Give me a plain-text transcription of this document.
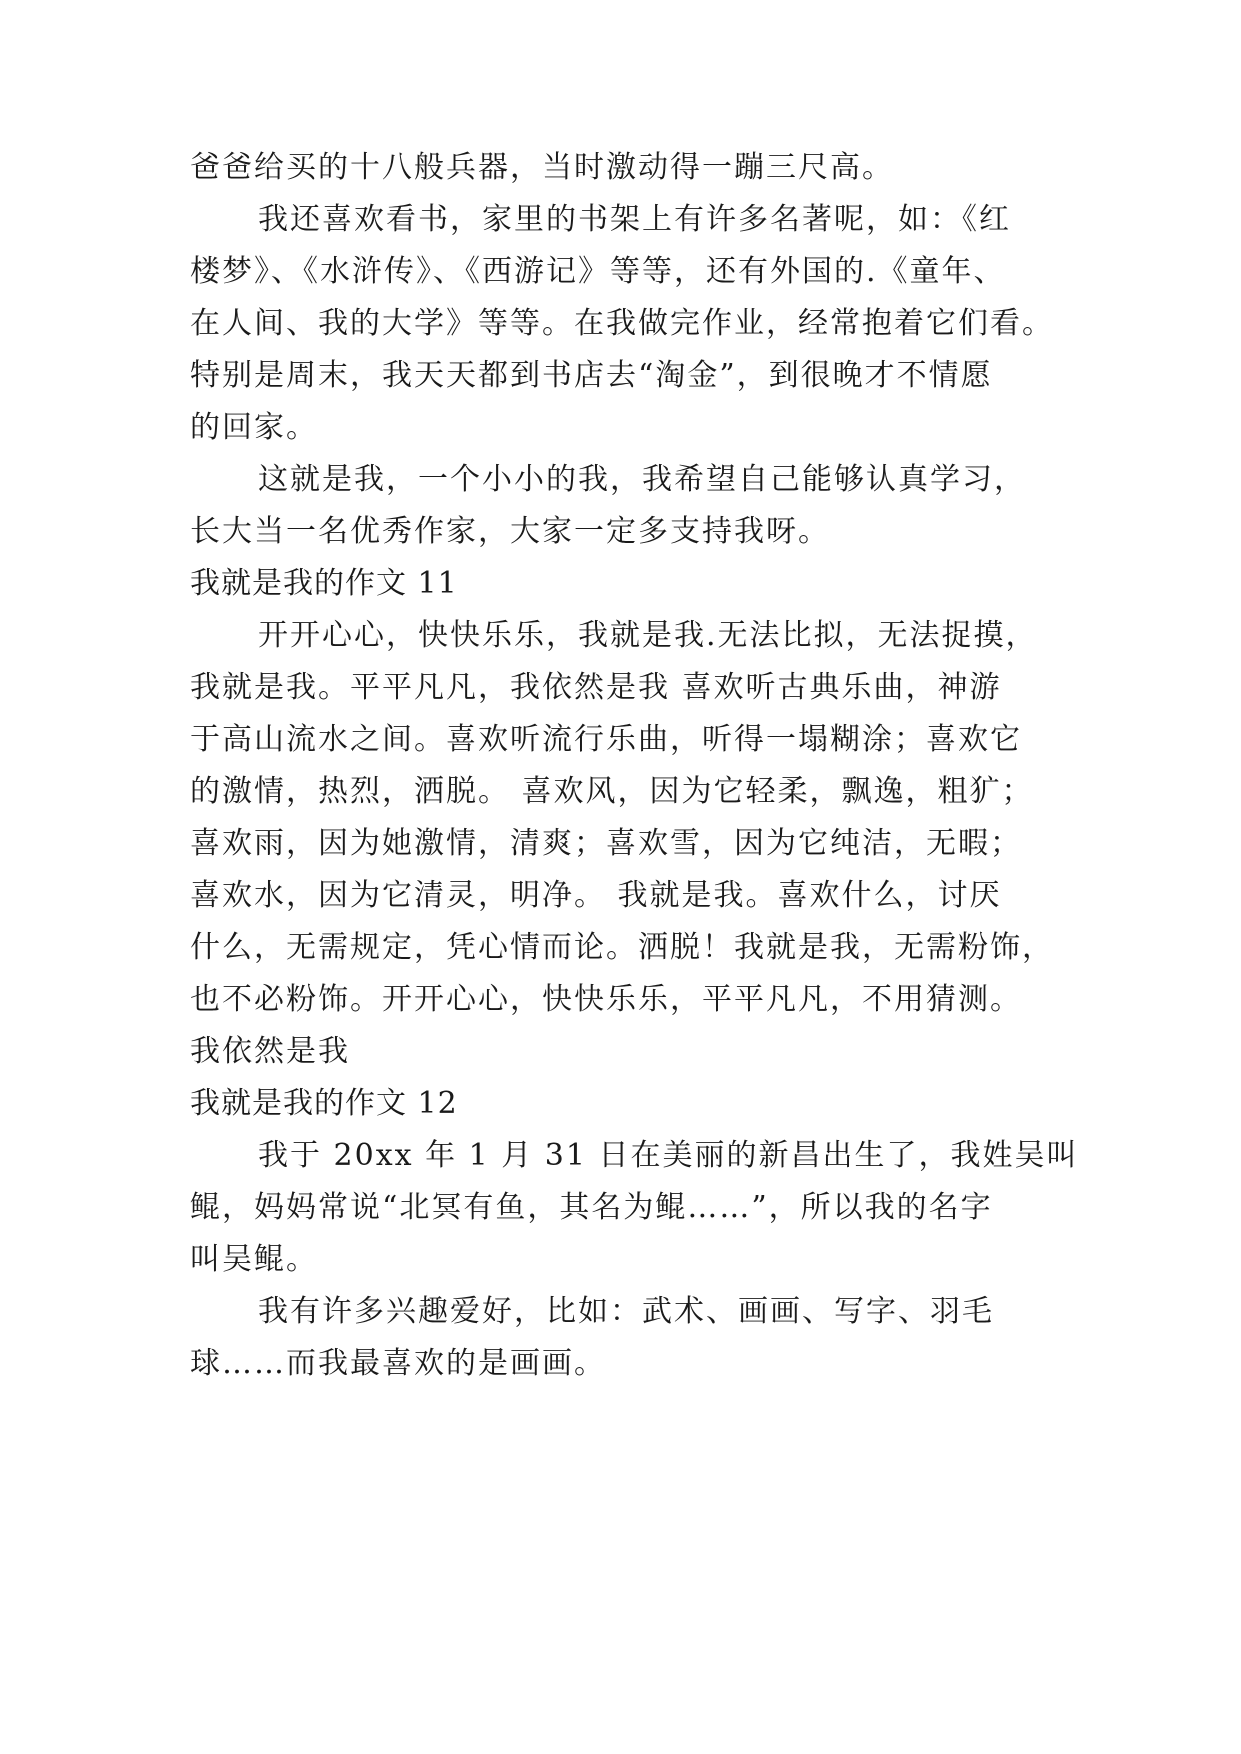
爸爸给买的十八般兵器，当时激动得一蹦三尺高。
我还喜欢看书，家里的书架上有许多名著呢，如：《红
楼梦》、《水浒传》、《西游记》等等，还有外国的.《童年、
在人间、我的大学》等等。在我做完作业，经常抱着它们看。
特别是周末，我天天都到书店去“淘金”，到很晚才不情愿
的回家。
这就是我，一个小小的我，我希望自己能够认真学习，
长大当一名优秀作家，大家一定多支持我呀。
我就是我的作文 11
开开心心，快快乐乐，我就是我.无法比拟，无法捉摸，
我就是我。平平凡凡，我依然是我 喜欢听古典乐曲，神游
于高山流水之间。喜欢听流行乐曲，听得一塌糊涂；喜欢它
的激情，热烈，洒脱。 喜欢风，因为它轻柔，飘逸，粗犷；
喜欢雨，因为她激情，清爽；喜欢雪，因为它纯洁，无暇；
喜欢水，因为它清灵，明净。 我就是我。喜欢什么，讨厌
什么，无需规定，凭心情而论。洒脱！我就是我，无需粉饰，
也不必粉饰。开开心心，快快乐乐，平平凡凡，不用猜测。
我依然是我
我就是我的作文 12
我于 20xx 年 1 月 31 日在美丽的新昌出生了，我姓吴叫
鲲，妈妈常说“北冥有鱼，其名为鲲……”，所以我的名字
叫吴鲲。
我有许多兴趣爱好，比如：武术、画画、写字、羽毛
球……而我最喜欢的是画画。
